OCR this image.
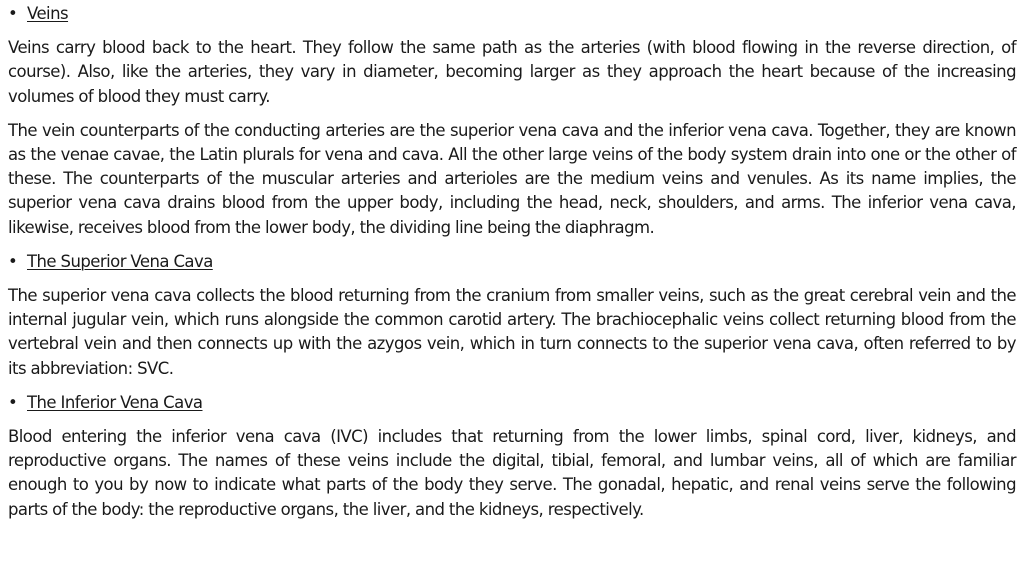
• Veins

Veins carry blood back to the heart. They follow the same path as the arteries (with blood flowing in the reverse direction, of course). Also, like the arteries, they vary in diameter, becoming larger as they approach the heart because of the increasing volumes of blood they must carry.

The vein counterparts of the conducting arteries are the superior vena cava and the inferior vena cava. Together, they are known as the venae cavae, the Latin plurals for vena and cava. All the other large veins of the body system drain into one or the other of these. The counterparts of the muscular arteries and arterioles are the medium veins and venules. As its name implies, the superior vena cava drains blood from the upper body, including the head, neck, shoulders, and arms. The inferior vena cava, likewise, receives blood from the lower body, the dividing line being the diaphragm.

• The Superior Vena Cava

The superior vena cava collects the blood returning from the cranium from smaller veins, such as the great cerebral vein and the internal jugular vein, which runs alongside the common carotid artery. The brachiocephalic veins collect returning blood from the vertebral vein and then connects up with the azygos vein, which in turn connects to the superior vena cava, often referred to by its abbreviation: SVC.

• The Inferior Vena Cava

Blood entering the inferior vena cava (IVC) includes that returning from the lower limbs, spinal cord, liver, kidneys, and reproductive organs. The names of these veins include the digital, tibial, femoral, and lumbar veins, all of which are familiar enough to you by now to indicate what parts of the body they serve. The gonadal, hepatic, and renal veins serve the following parts of the body: the reproductive organs, the liver, and the kidneys, respectively.
